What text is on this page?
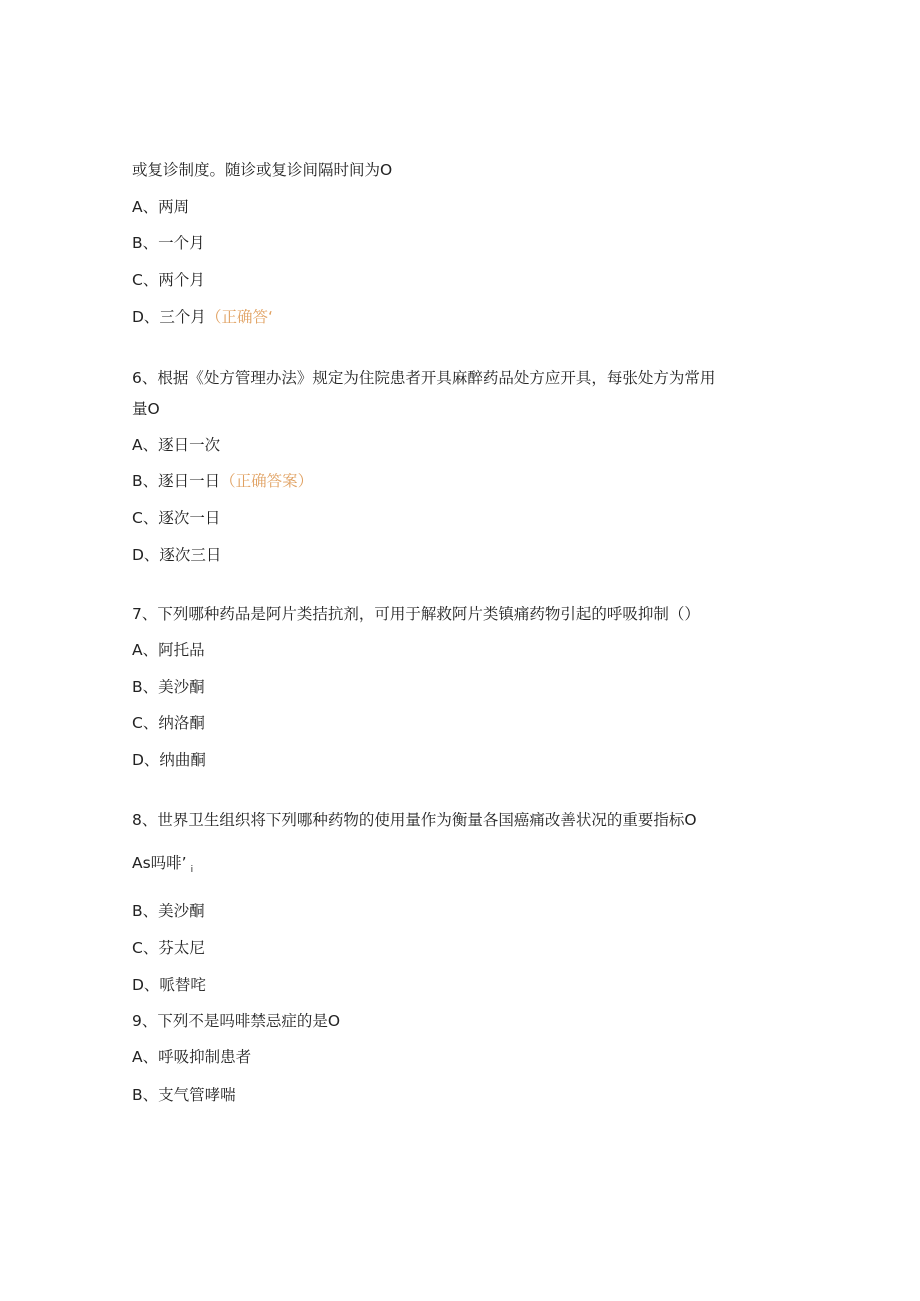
或复诊制度。随诊或复诊间隔时间为O
A、两周
B、一个月
C、两个月
D、三个月（正确答‘
6、根据《处方管理办法》规定为住院患者开具麻醉药品处方应开具，每张处方为常用
量O
A、逐日一次
B、逐日一日（正确答案）
C、逐次一日
D、逐次三日
7、下列哪种药品是阿片类拮抗剂，可用于解救阿片类镇痛药物引起的呼吸抑制（）
A、阿托品
B、美沙酮
C、纳洛酮
D、纳曲酮
8、世界卫生组织将下列哪种药物的使用量作为衡量各国癌痛改善状况的重要指标O
As吗啡’ $_i$
B、美沙酮
C、芬太尼
D、哌替咤
9、下列不是吗啡禁忌症的是O
A、呼吸抑制患者
B、支气管哮喘
